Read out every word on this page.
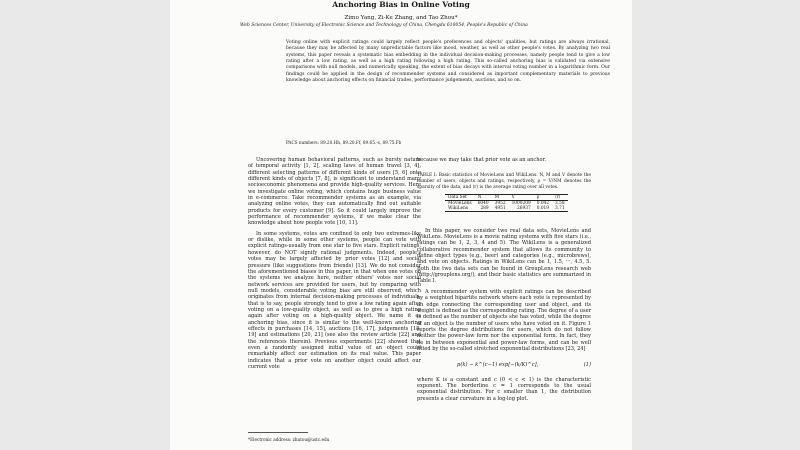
Anchoring Bias in Online Voting
Zimo Yang, Zi-Ke Zhang, and Tao Zhou*
Web Sciences Center, University of Electronic Science and Technology of China, Chengdu 610054, People's Republic of China

Voting online with explicit ratings could largely reflect people's preferences and objects' qualities, but ratings are always irrational, because they may be affected by many unpredictable factors like mood, weather, as well as other people's votes. By analyzing two real systems, this paper reveals a systematic bias embedding in the individual decision-making processes, namely people tend to give a low rating after a low rating, as well as a high rating following a high rating. This so-called anchoring bias is validated via extensive comparisons with null models, and numerically speaking, the extent of bias decays with interval voting number in a logarithmic form. Our findings could be applied in the design of recommender systems and considered as important complementary materials to previous knowledge about anchoring effects on financial trades, performance judgements, auctions, and so on.

PACS numbers: 89.20.Hh, 89.20.Ff, 89.65.-s, 89.75.Fb

Uncovering human behavioral patterns, such as bursty nature of temporal activity [1, 2], scaling laws of human travel [3, 4], different selecting patterns of different kinds of users [5, 6] onto different kinds of objects [7, 8], is significant to understand many socioeconomic phenomena and provide high-quality services. Here we investigate online voting, which contains huge business value in e-commerce. Take recommender systems as an example, via analyzing online votes, they can automatically find out suitable products for every customer [9]. So it could largely improve the performance of recommender systems, if we make clear the knowledge about how people vote [10, 11].

In some systems, votes are confined to only two extremes-like or dislike, while in some other systems, people can vote with explicit ratings-usually from one star to five stars. Explicit ratings, however, do NOT signify rational judgments. Indeed, people's votes may be largely affected by prior votes [12] and social pressure (like suggestions from friends) [13]. We do not consider the aforementioned biases in this paper, in that when one votes on the systems we analyze here, neither others' votes nor social network services are provided for users, but by comparing with null models, considerable voting bias are still observed, which originates from internal decision-making processes of individuals, that is to say, people strongly tend to give a low rating again after voting on a low-quality object, as well as to give a high rating again after voting on a high-quality object. We name it as anchoring bias, since it is similar to the well-known anchoring effects in purchases [14, 15], auctions [16, 17], judgements [18, 19] and estimations [20, 21] (see also the review article [22] and the references therein). Previous experiments [22] showed that even a randomly assigned initial value of an object could remarkably affect our estimation on its real value. This paper indicates that a prior vote on another object could affect our current vote

because we may take that prior vote as an anchor.

TABLE I: Basic statistics of MovieLens and WikiLens. N, M and V denote the number of users, objects and ratings, respectively, ρ = V/NM denotes the sparsity of the data, and ⟨r⟩ is the average rating over all votes.
Data Set	N	M	V	ρ	⟨r⟩
MovieLens	6040	3952	1000209	0.042	3.58
WikiLens	289	4951	26937	0.019	3.71

In this paper, we consider two real data sets, MovieLens and WikiLens. MovieLens is a movie rating systems with five stars (i.e., ratings can be 1, 2, 3, 4 and 5). The WikiLens is a generalized collaborative recommender system that allows its community to define object types (e.g., beer) and categories (e.g., microbrews), and vote on objects. Ratings in WikiLens can be 1, 1.5, ···, 4.5, 5. Both the two data sets can be found in GroupLens research web (http://grouplens.org/), and their basic statistics are summarized in Table I.

A recommender system with explicit ratings can be described by a weighted bipartite network where each vote is represented by an edge connecting the corresponding user and object, and its weight is defined as the corresponding rating. The degree of a user is defined as the number of objects she has voted, while the degree of an object is the number of users who have voted on it. Figure 1 reports the degree distributions for users, which do not follow neither the power-law form nor the exponential form. In fact, they lie in between exponential and power-law forms, and can be well fitted by the so-called stretched exponential distributions [23, 24]

p(k) ∼ k^(c−1) exp[−(k/K)^c],	(1)

where K is a constant and c (0 < c < 1) is the characteristic exponent. The borderline c = 1 corresponds to the usual exponential distribution. For c smaller than 1, the distribution presents a clear curvature in a log-log plot.

*Electronic address: zhutou@ustc.edu
